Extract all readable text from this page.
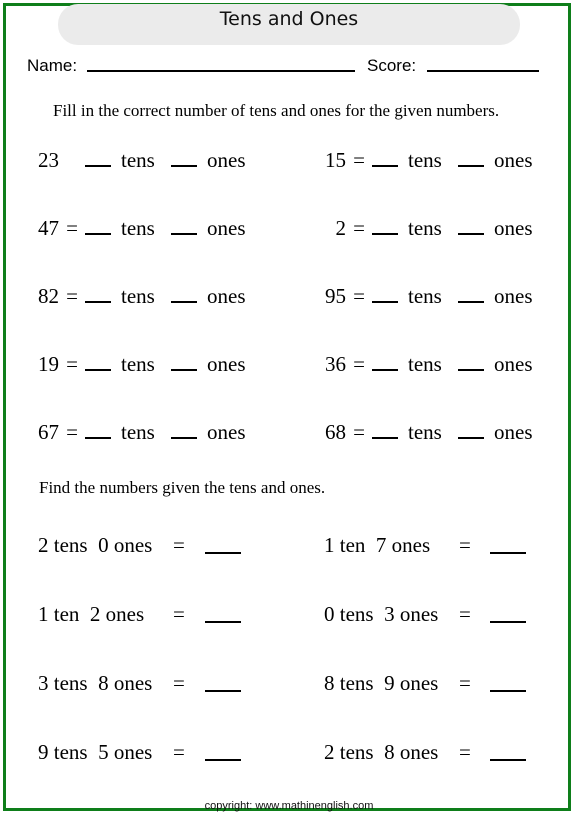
Tens and Ones
Name:	Score:
Fill in the correct number of tens and ones for the given numbers.
23	tens ones
47 = tens ones
82 = tens ones
19 = tens ones
67 = tens ones
15 = tens ones
2 = tens ones
95 = tens ones
36 = tens ones
68 = tens ones
Find the numbers given the tens and ones.
2 tens  0 ones =
1 ten  2 ones =
3 tens  8 ones =
9 tens  5 ones =
1 ten  7 ones =
0 tens  3 ones =
8 tens  9 ones =
2 tens  8 ones =
copyright: www.mathinenglish.com
